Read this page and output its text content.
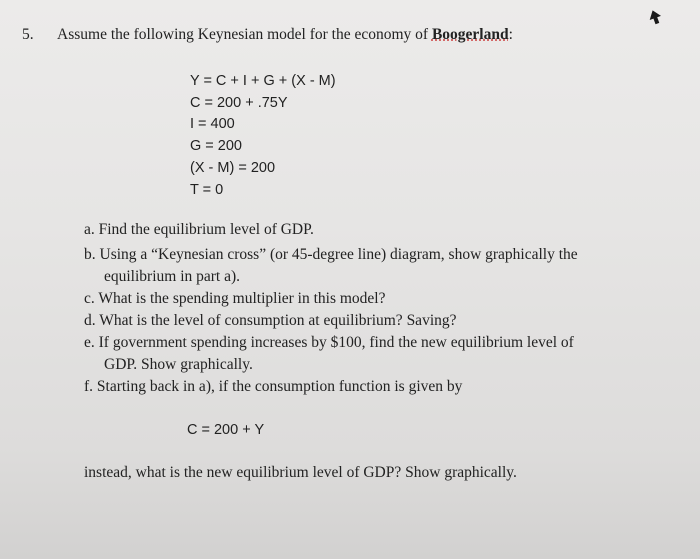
5. Assume the following Keynesian model for the economy of Boogerland:
Y = C + I + G + (X - M)
C = 200 + .75Y
I = 400
G = 200
(X - M) = 200
T = 0
a. Find the equilibrium level of GDP.
b. Using a “Keynesian cross” (or 45-degree line) diagram, show graphically the
equilibrium in part a).
c. What is the spending multiplier in this model?
d. What is the level of consumption at equilibrium? Saving?
e. If government spending increases by $100, find the new equilibrium level of
GDP. Show graphically.
f. Starting back in a), if the consumption function is given by
C = 200 + Y
instead, what is the new equilibrium level of GDP? Show graphically.
